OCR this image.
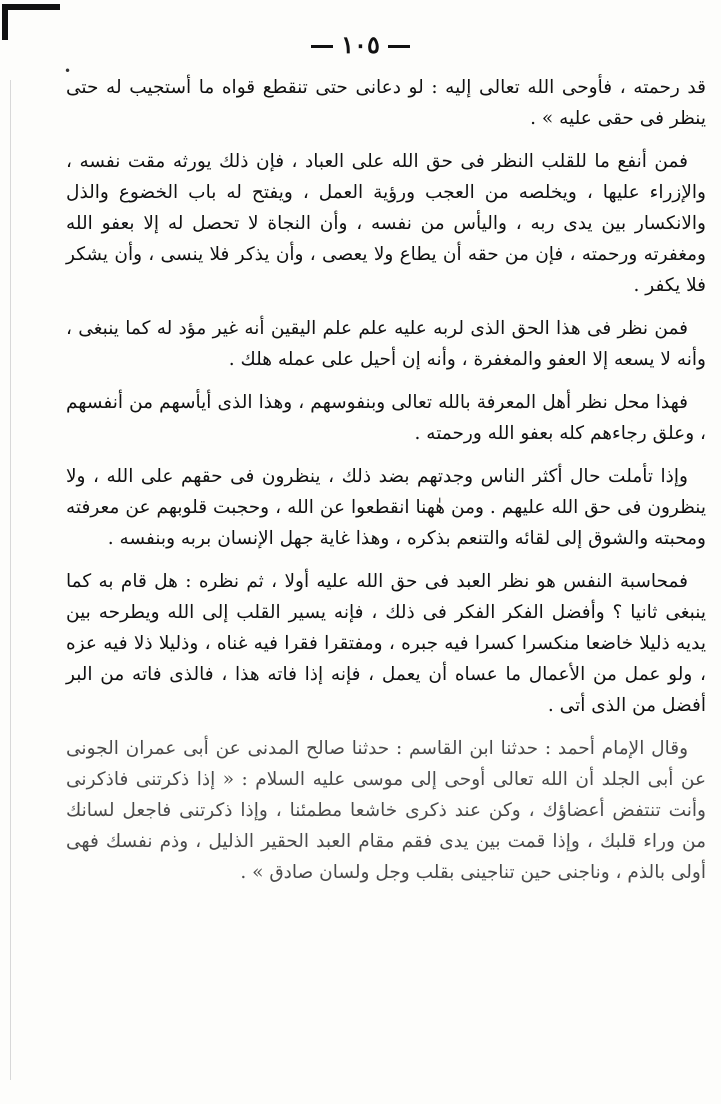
•
١٠٥

قد رحمته ، فأوحى الله تعالى إليه : لو دعانى حتى تنقطع قواه ما أستجيب له حتى ينظر فى حقى عليه » .

فمن أنفع ما للقلب النظر فى حق الله على العباد ، فإن ذلك يورثه مقت نفسه ، والإزراء عليها ، ويخلصه من العجب ورؤية العمل ، ويفتح له باب الخضوع والذل والانكسار بين يدى ربه ، واليأس من نفسه ، وأن النجاة لا تحصل له إلا بعفو الله ومغفرته ورحمته ، فإن من حقه أن يطاع ولا يعصى ، وأن يذكر فلا ينسى ، وأن يشكر فلا يكفر .

فمن نظر فى هذا الحق الذى لربه عليه علم علم اليقين أنه غير مؤد له كما ينبغى ، وأنه لا يسعه إلا العفو والمغفرة ، وأنه إن أحيل على عمله هلك .

فهذا محل نظر أهل المعرفة بالله تعالى وبنفوسهم ، وهذا الذى أيأسهم من أنفسهم ، وعلق رجاءهم كله بعفو الله ورحمته .

وإذا تأملت حال أكثر الناس وجدتهم بضد ذلك ، ينظرون فى حقهم على الله ، ولا ينظرون فى حق الله عليهم . ومن هٰهنا انقطعوا عن الله ، وحجبت قلوبهم عن معرفته ومحبته والشوق إلى لقائه والتنعم بذكره ، وهذا غاية جهل الإنسان بربه وبنفسه .

فمحاسبة النفس هو نظر العبد فى حق الله عليه أولا ، ثم نظره : هل قام به كما ينبغى ثانيا ؟ وأفضل الفكر الفكر فى ذلك ، فإنه يسير القلب إلى الله ويطرحه بين يديه ذليلا خاضعا منكسرا كسرا فيه جبره ، ومفتقرا فقرا فيه غناه ، وذليلا ذلا فيه عزه ، ولو عمل من الأعمال ما عساه أن يعمل ، فإنه إذا فاته هذا ، فالذى فاته من البر أفضل من الذى أتى .

وقال الإمام أحمد : حدثنا ابن القاسم : حدثنا صالح المدنى عن أبى عمران الجونى عن أبى الجلد أن الله تعالى أوحى إلى موسى عليه السلام : « إذا ذكرتنى فاذكرنى وأنت تنتفض أعضاؤك ، وكن عند ذكرى خاشعا مطمئنا ، وإذا ذكرتنى فاجعل لسانك من وراء قلبك ، وإذا قمت بين يدى فقم مقام العبد الحقير الذليل ، وذم نفسك فهى أولى بالذم ، وناجنى حين تناجينى بقلب وجل ولسان صادق » .
